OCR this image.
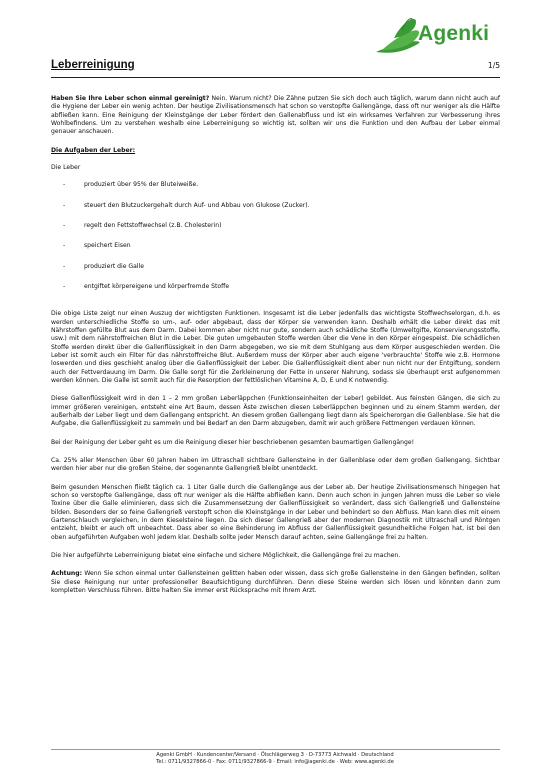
Agenki
Leberreinigung	1/5

Haben Sie Ihre Leber schon einmal gereinigt? Nein. Warum nicht? Die Zähne putzen Sie sich doch auch täglich, warum dann nicht auch auf die Hygiene der Leber ein wenig achten. Der heutige Zivilisationsmensch hat schon so verstopfte Gallengänge, dass oft nur weniger als die Hälfte abfließen kann. Eine Reinigung der Kleinstgänge der Leber fördert den Gallenabfluss und ist ein wirksames Verfahren zur Verbesserung ihres Wohlbefindens. Um zu verstehen weshalb eine Leberreinigung so wichtig ist, sollten wir uns die Funktion und den Aufbau der Leber einmal genauer anschauen.

Die Aufgaben der Leber:

Die Leber

-	produziert über 95% der Bluteiweiße.
-	steuert den Blutzuckergehalt durch Auf- und Abbau von Glukose (Zucker).
-	regelt den Fettstoffwechsel (z.B. Cholesterin)
-	speichert Eisen
-	produziert die Galle
-	entgiftet körpereigene und körperfremde Stoffe

Die obige Liste zeigt nur einen Auszug der wichtigsten Funktionen. Insgesamt ist die Leber jedenfalls das wichtigste Stoffwechselorgan, d.h. es werden unterschiedliche Stoffe so um-, auf- oder abgebaut, dass der Körper sie verwenden kann. Deshalb erhält die Leber direkt das mit Nährstoffen gefüllte Blut aus dem Darm. Dabei kommen aber nicht nur gute, sondern auch schädliche Stoffe (Umweltgifte, Konservierungsstoffe, usw.) mit dem nährstoffreichen Blut in die Leber. Die guten umgebauten Stoffe werden über die Vene in den Körper eingespeist. Die schädlichen Stoffe werden direkt über die Gallenflüssigkeit in den Darm abgegeben, wo sie mit dem Stuhlgang aus dem Körper ausgeschieden werden. Die Leber ist somit auch ein Filter für das nährstoffreiche Blut. Außerdem muss der Körper aber auch eigene 'verbrauchte' Stoffe wie z.B. Hormone loswerden und dies geschieht analog über die Gallenflüssigkeit der Leber. Die Gallenflüssigkeit dient aber nun nicht nur der Entgiftung, sondern auch der Fettverdauung im Darm. Die Galle sorgt für die Zerkleinerung der Fette in unserer Nahrung, sodass sie überhaupt erst aufgenommen werden können. Die Galle ist somit auch für die Resorption der fettlöslichen Vitamine A, D, E und K notwendig.

Diese Gallenflüssigkeit wird in den 1 – 2 mm großen Leberläppchen (Funktionseinheiten der Leber) gebildet. Aus feinsten Gängen, die sich zu immer größeren vereinigen, entsteht eine Art Baum, dessen Äste zwischen diesen Leberläppchen beginnen und zu einem Stamm werden, der außerhalb der Leber liegt und dem Gallengang entspricht. An diesem großen Gallengang liegt dann als Speicherorgan die Gallenblase. Sie hat die Aufgabe, die Gallenflüssigkeit zu sammeln und bei Bedarf an den Darm abzugeben, damit wir auch größere Fettmengen verdauen können.

Bei der Reinigung der Leber geht es um die Reinigung dieser hier beschriebenen gesamten baumartigen Gallengänge!

Ca. 25% aller Menschen über 60 Jahren haben im Ultraschall sichtbare Gallensteine in der Gallenblase oder dem großen Gallengang. Sichtbar werden hier aber nur die großen Steine, der sogenannte Gallengrieß bleibt unentdeckt.

Beim gesunden Menschen fließt täglich ca. 1 Liter Galle durch die Gallengänge aus der Leber ab. Der heutige Zivilisationsmensch hingegen hat schon so verstopfte Gallengänge, dass oft nur weniger als die Hälfte abfließen kann. Denn auch schon in jungen Jahren muss die Leber so viele Toxine über die Galle eliminieren, dass sich die Zusammensetzung der Gallenflüssigkeit so verändert, dass sich Gallengrieß und Gallensteine bilden. Besonders der so feine Gallengrieß verstopft schon die Kleinstgänge in der Leber und behindert so den Abfluss. Man kann dies mit einem Gartenschlauch vergleichen, in dem Kieselsteine liegen. Da sich dieser Gallengrieß aber der modernen Diagnostik mit Ultraschall und Röntgen entzieht, bleibt er auch oft unbeachtet. Dass aber so eine Behinderung im Abfluss der Gallenflüssigkeit gesundheitliche Folgen hat, ist bei den oben aufgeführten Aufgaben wohl jedem klar. Deshalb sollte jeder Mensch darauf achten, seine Gallengänge frei zu halten.

Die hier aufgeführte Leberreinigung bietet eine einfache und sichere Möglichkeit, die Gallengänge frei zu machen.

Achtung: Wenn Sie schon einmal unter Gallensteinen gelitten haben oder wissen, dass sich große Gallensteine in den Gängen befinden, sollten Sie diese Reinigung nur unter professioneller Beaufsichtigung durchführen. Denn diese Steine werden sich lösen und könnten dann zum kompletten Verschluss führen. Bitte halten Sie immer erst Rücksprache mit Ihrem Arzt.

Agenki GmbH · Kundencenter/Versand · Ölschlägerweg 3 · D-73773 Aichwald · Deutschland
Tel.: 0711/9327866-0 · Fax: 0711/9327866-9 · Email: info@agenki.de · Web: www.agenki.de
